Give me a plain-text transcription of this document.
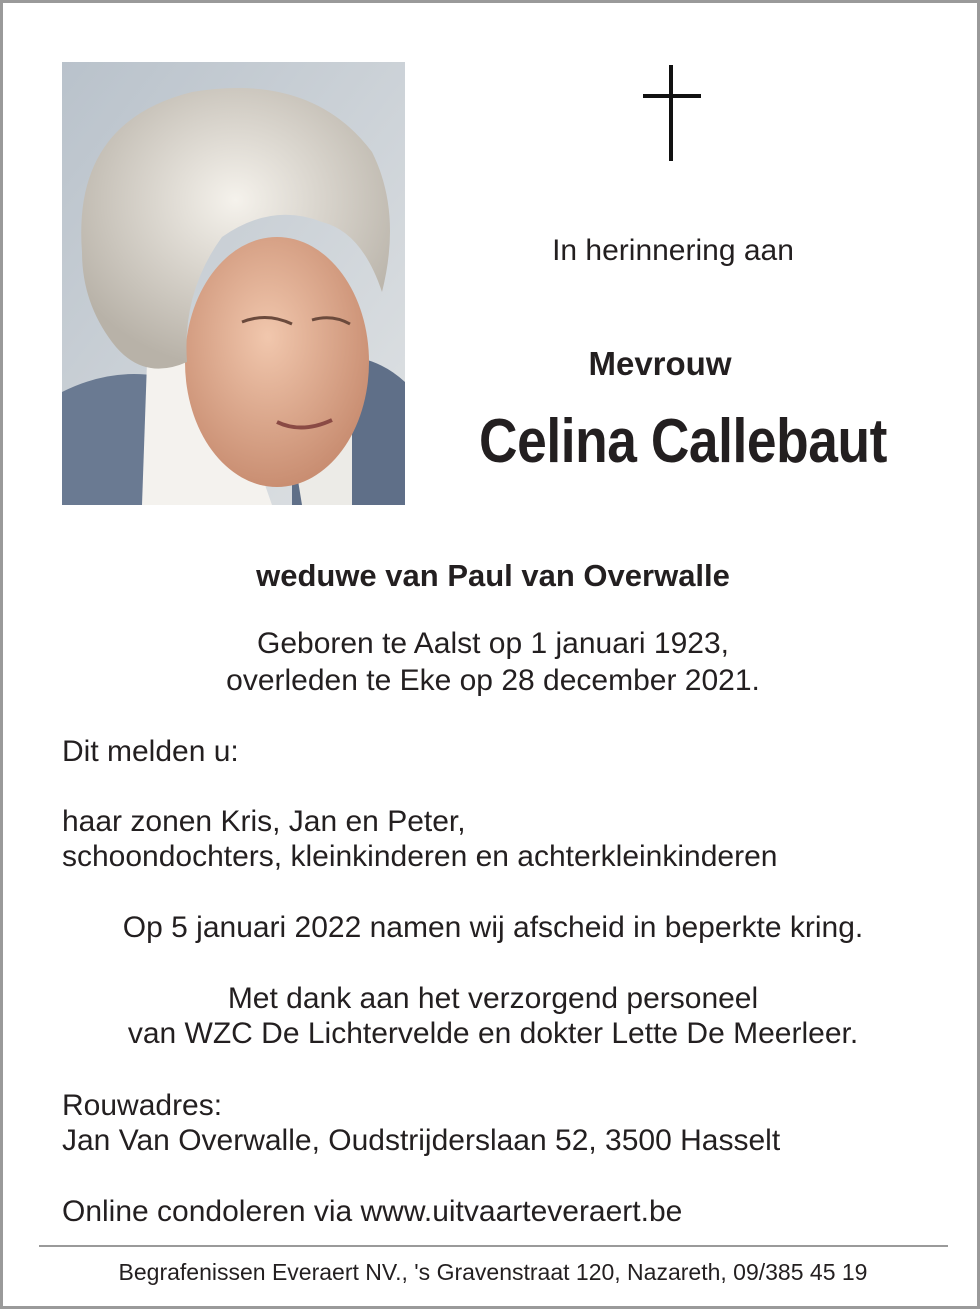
In herinnering aan
Mevrouw
Celina Callebaut
weduwe van Paul van Overwalle
Geboren te Aalst op 1 januari 1923,
overleden te Eke op 28 december 2021.
Dit melden u:
haar zonen Kris, Jan en Peter,
schoondochters, kleinkinderen en achterkleinkinderen
Op 5 januari 2022 namen wij afscheid in beperkte kring.
Met dank aan het verzorgend personeel
van WZC De Lichtervelde en dokter Lette De Meerleer.
Rouwadres:
Jan Van Overwalle, Oudstrijderslaan 52, 3500 Hasselt
Online condoleren via www.uitvaarteveraert.be
Begrafenissen Everaert NV., 's Gravenstraat 120, Nazareth, 09/385 45 19
